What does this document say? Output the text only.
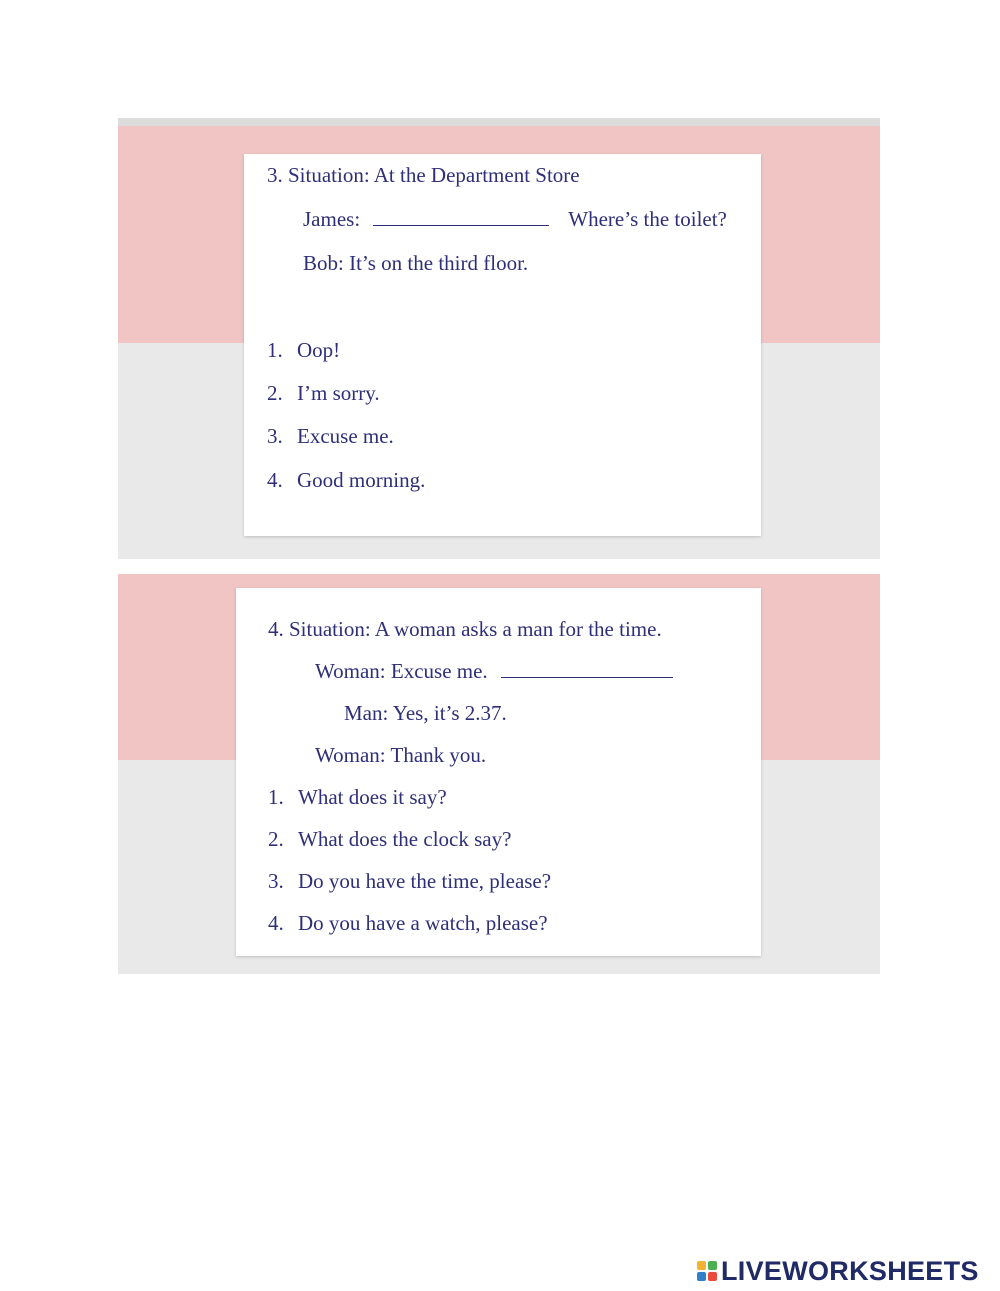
3. Situation: At the Department Store
James:	Where’s the toilet?
Bob: It’s on the third floor.
1. Oop!
2. I’m sorry.
3. Excuse me.
4. Good morning.
4. Situation: A woman asks a man for the time.
Woman: Excuse me.
Man: Yes, it’s 2.37.
Woman: Thank you.
1. What does it say?
2. What does the clock say?
3. Do you have the time, please?
4. Do you have a watch, please?
LIVEWORKSHEETS
